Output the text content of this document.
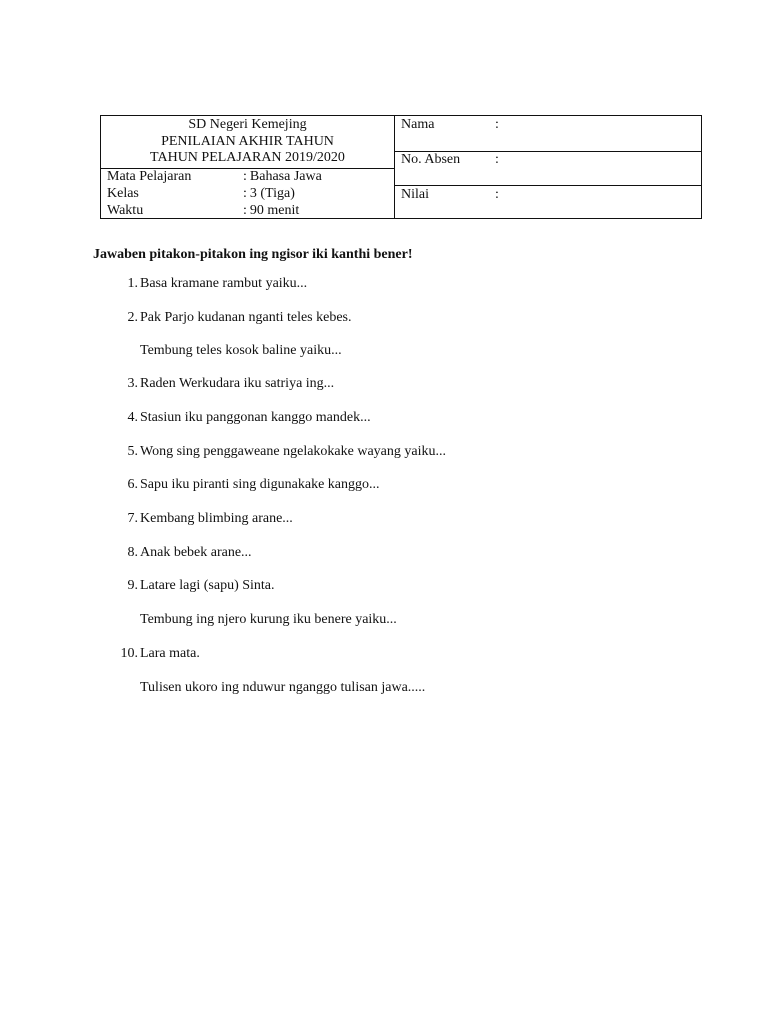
SD Negeri Kemejing
PENILAIAN AKHIR TAHUN
TAHUN PELAJARAN 2019/2020
Mata Pelajaran	: Bahasa Jawa
Kelas	: 3 (Tiga)
Waktu	: 90 menit
Nama	:
No. Absen :
Nilai	:
Jawaben pitakon-pitakon ing ngisor iki kanthi bener!
1. Basa kramane rambut yaiku...
2. Pak Parjo kudanan nganti teles kebes.
Tembung teles kosok baline yaiku...
3. Raden Werkudara iku satriya ing...
4. Stasiun iku panggonan kanggo mandek...
5. Wong sing penggaweane ngelakokake wayang yaiku...
6. Sapu iku piranti sing digunakake kanggo...
7. Kembang blimbing arane...
8. Anak bebek arane...
9. Latare lagi (sapu) Sinta.
Tembung ing njero kurung iku benere yaiku...
10. Lara mata.
Tulisen ukoro ing nduwur nganggo tulisan jawa.....
